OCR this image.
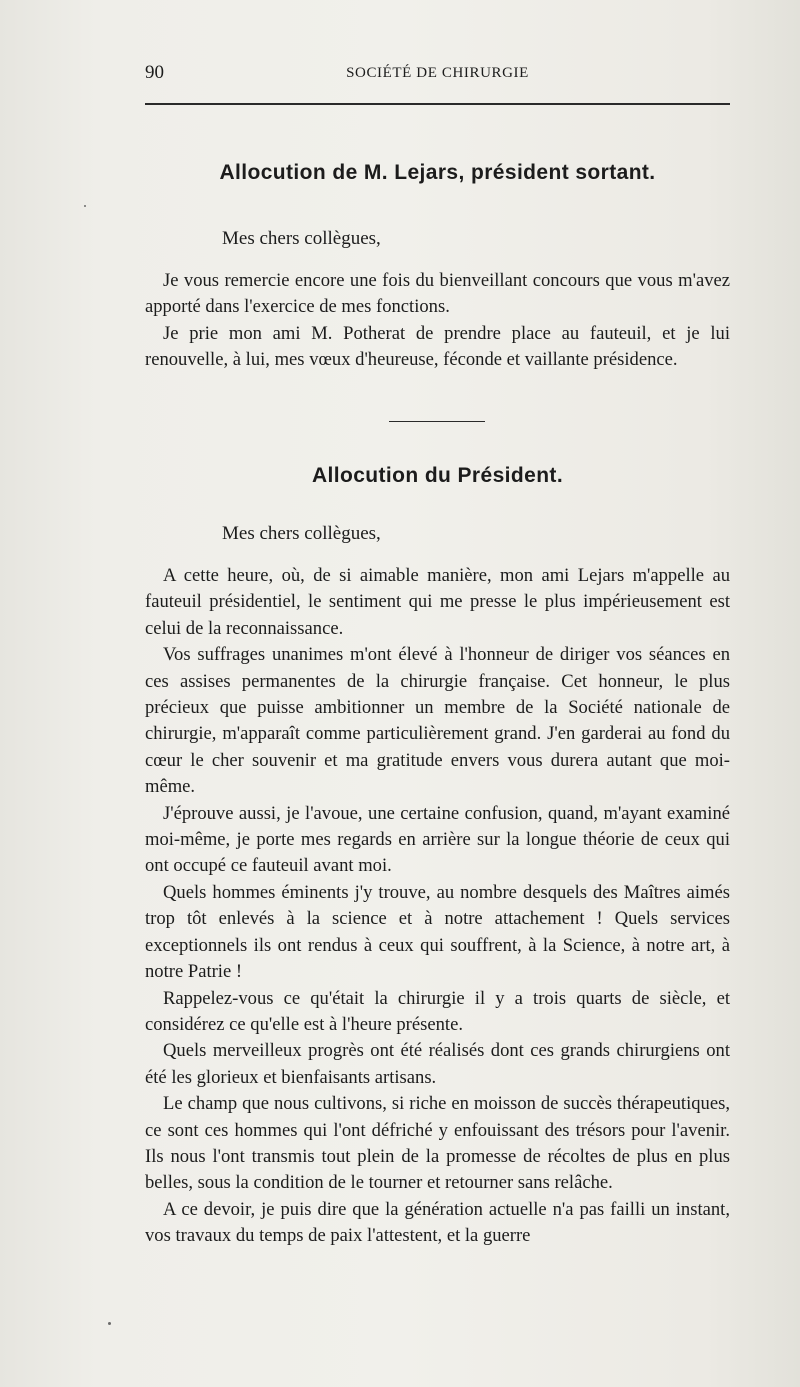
90	SOCIÉTÉ DE CHIRURGIE
Allocution de M. Lejars, président sortant.
Mes chers collègues,

Je vous remercie encore une fois du bienveillant concours que vous m'avez apporté dans l'exercice de mes fonctions.

Je prie mon ami M. Potherat de prendre place au fauteuil, et je lui renouvelle, à lui, mes vœux d'heureuse, féconde et vaillante présidence.

Allocution du Président.
Mes chers collègues,

A cette heure, où, de si aimable manière, mon ami Lejars m'appelle au fauteuil présidentiel, le sentiment qui me presse le plus impérieusement est celui de la reconnaissance.

Vos suffrages unanimes m'ont élevé à l'honneur de diriger vos séances en ces assises permanentes de la chirurgie française. Cet honneur, le plus précieux que puisse ambitionner un membre de la Société nationale de chirurgie, m'apparaît comme particulièrement grand. J'en garderai au fond du cœur le cher souvenir et ma gratitude envers vous durera autant que moi-même.

J'éprouve aussi, je l'avoue, une certaine confusion, quand, m'ayant examiné moi-même, je porte mes regards en arrière sur la longue théorie de ceux qui ont occupé ce fauteuil avant moi.

Quels hommes éminents j'y trouve, au nombre desquels des Maîtres aimés trop tôt enlevés à la science et à notre attachement ! Quels services exceptionnels ils ont rendus à ceux qui souffrent, à la Science, à notre art, à notre Patrie !

Rappelez-vous ce qu'était la chirurgie il y a trois quarts de siècle, et considérez ce qu'elle est à l'heure présente.

Quels merveilleux progrès ont été réalisés dont ces grands chirurgiens ont été les glorieux et bienfaisants artisans.

Le champ que nous cultivons, si riche en moisson de succès thérapeutiques, ce sont ces hommes qui l'ont défriché y enfouissant des trésors pour l'avenir. Ils nous l'ont transmis tout plein de la promesse de récoltes de plus en plus belles, sous la condition de le tourner et retourner sans relâche.

A ce devoir, je puis dire que la génération actuelle n'a pas failli un instant, vos travaux du temps de paix l'attestent, et la guerre
